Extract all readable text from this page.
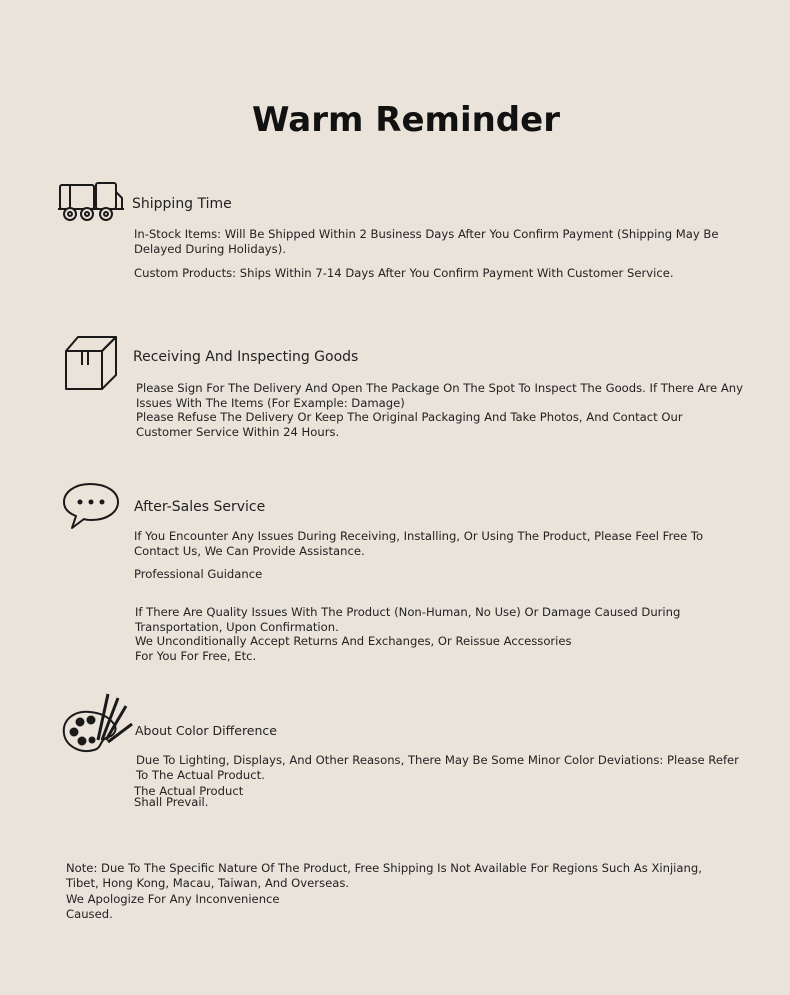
Warm Reminder
Shipping Time
In-Stock Items: Will Be Shipped Within 2 Business Days After You Confirm Payment (Shipping May Be Delayed During Holidays).
Custom Products: Ships Within 7-14 Days After You Confirm Payment With Customer Service.
Receiving And Inspecting Goods
Please Sign For The Delivery And Open The Package On The Spot To Inspect The Goods. If There Are Any Issues With The Items (For Example: Damage)
Please Refuse The Delivery Or Keep The Original Packaging And Take Photos, And Contact Our Customer Service Within 24 Hours.
After-Sales Service
If You Encounter Any Issues During Receiving, Installing, Or Using The Product, Please Feel Free To Contact Us, We Can Provide Assistance.
Professional Guidance
If There Are Quality Issues With The Product (Non-Human, No Use) Or Damage Caused During Transportation, Upon Confirmation.
We Unconditionally Accept Returns And Exchanges, Or Reissue Accessories For You For Free, Etc.
About Color Difference
Due To Lighting, Displays, And Other Reasons, There May Be Some Minor Color Deviations: Please Refer To The Actual Product.
The Actual Product Shall Prevail.
Note: Due To The Specific Nature Of The Product, Free Shipping Is Not Available For Regions Such As Xinjiang, Tibet, Hong Kong, Macau, Taiwan, And Overseas.
We Apologize For Any Inconvenience Caused.
